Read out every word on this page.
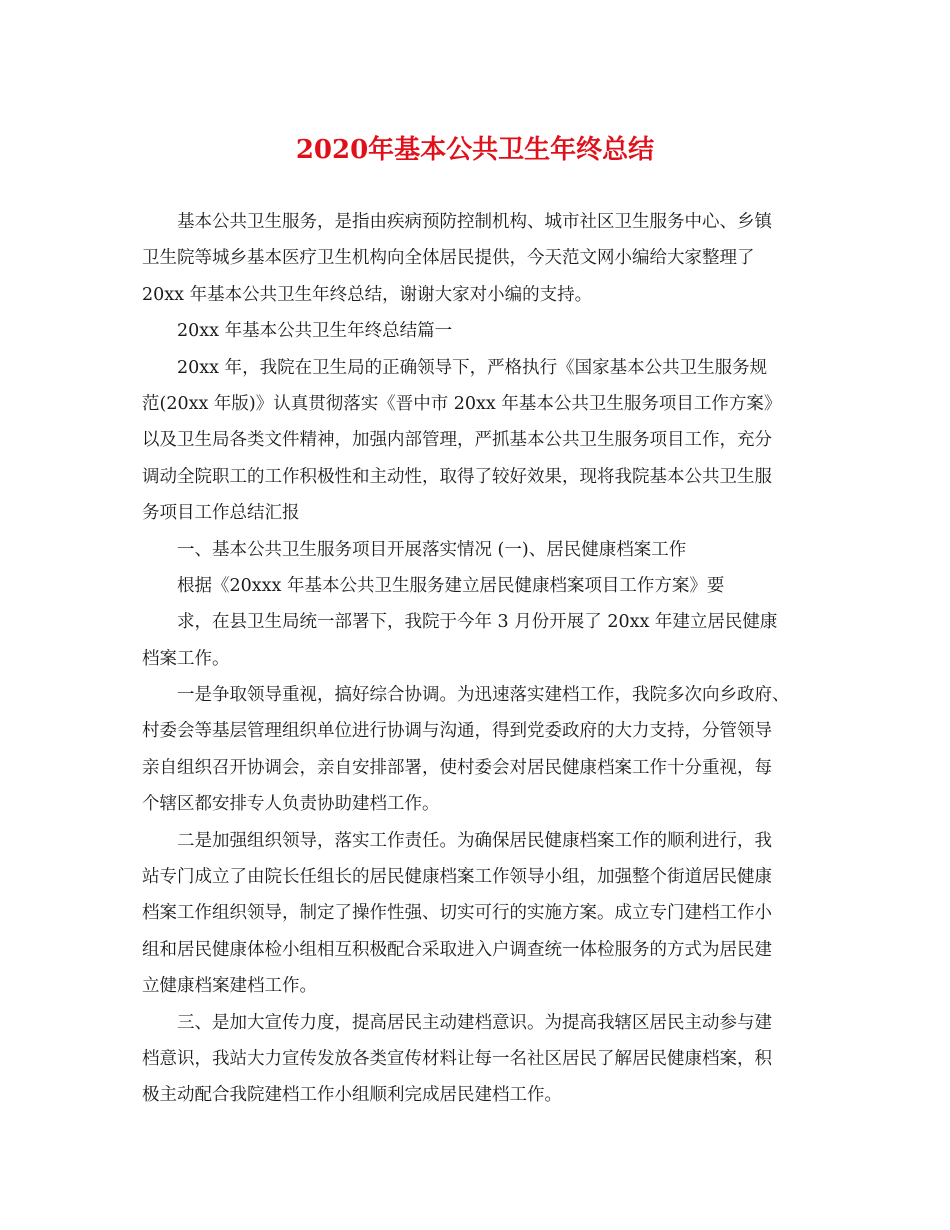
2020年基本公共卫生年终总结
基本公共卫生服务，是指由疾病预防控制机构、城市社区卫生服务中心、乡镇
卫生院等城乡基本医疗卫生机构向全体居民提供，今天范文网小编给大家整理了
20xx 年基本公共卫生年终总结，谢谢大家对小编的支持。
20xx 年基本公共卫生年终总结篇一
20xx 年，我院在卫生局的正确领导下，严格执行《国家基本公共卫生服务规
范(20xx 年版)》认真贯彻落实《晋中市 20xx 年基本公共卫生服务项目工作方案》
以及卫生局各类文件精神，加强内部管理，严抓基本公共卫生服务项目工作，充分
调动全院职工的工作积极性和主动性，取得了较好效果，现将我院基本公共卫生服
务项目工作总结汇报
一、基本公共卫生服务项目开展落实情况 (一)、居民健康档案工作
根据《20xxx 年基本公共卫生服务建立居民健康档案项目工作方案》要
求，在县卫生局统一部署下，我院于今年 3 月份开展了 20xx 年建立居民健康
档案工作。
一是争取领导重视，搞好综合协调。为迅速落实建档工作，我院多次向乡政府、
村委会等基层管理组织单位进行协调与沟通，得到党委政府的大力支持，分管领导
亲自组织召开协调会，亲自安排部署，使村委会对居民健康档案工作十分重视，每
个辖区都安排专人负责协助建档工作。
二是加强组织领导，落实工作责任。为确保居民健康档案工作的顺利进行，我
站专门成立了由院长任组长的居民健康档案工作领导小组，加强整个街道居民健康
档案工作组织领导，制定了操作性强、切实可行的实施方案。成立专门建档工作小
组和居民健康体检小组相互积极配合采取进入户调查统一体检服务的方式为居民建
立健康档案建档工作。
三、是加大宣传力度，提高居民主动建档意识。为提高我辖区居民主动参与建
档意识，我站大力宣传发放各类宣传材料让每一名社区居民了解居民健康档案，积
极主动配合我院建档工作小组顺利完成居民建档工作。
